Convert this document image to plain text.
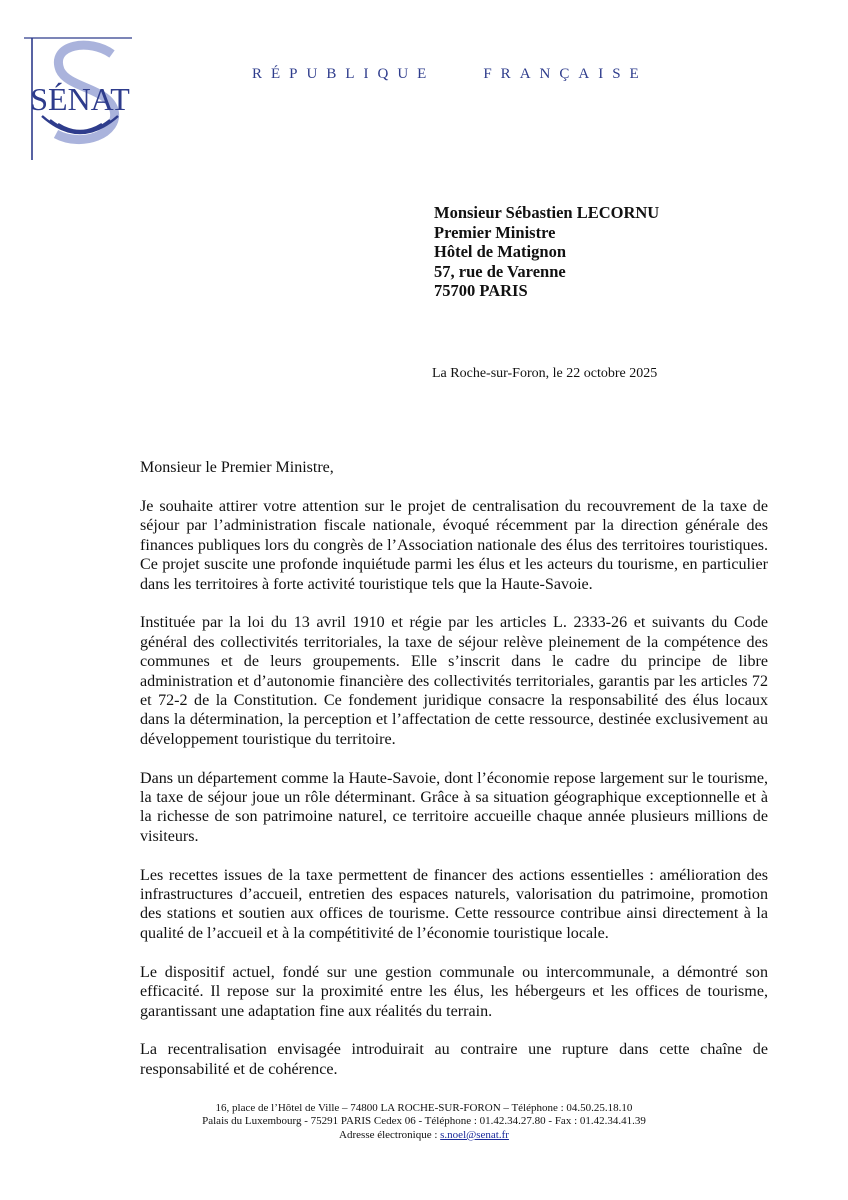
SÉNAT
RÉPUBLIQUE	FRANÇAISE
Monsieur Sébastien LECORNU
Premier Ministre
Hôtel de Matignon
57, rue de Varenne
75700 PARIS
La Roche-sur-Foron, le 22 octobre 2025
Monsieur le Premier Ministre,

Je souhaite attirer votre attention sur le projet de centralisation du recouvrement de la taxe de séjour par l’administration fiscale nationale, évoqué récemment par la direction générale des finances publiques lors du congrès de l’Association nationale des élus des territoires touristiques. Ce projet suscite une profonde inquiétude parmi les élus et les acteurs du tourisme, en particulier dans les territoires à forte activité touristique tels que la Haute-Savoie.

Instituée par la loi du 13 avril 1910 et régie par les articles L. 2333-26 et suivants du Code général des collectivités territoriales, la taxe de séjour relève pleinement de la compétence des communes et de leurs groupements. Elle s’inscrit dans le cadre du principe de libre administration et d’autonomie financière des collectivités territoriales, garantis par les articles 72 et 72-2 de la Constitution. Ce fondement juridique consacre la responsabilité des élus locaux dans la détermination, la perception et l’affectation de cette ressource, destinée exclusivement au développement touristique du territoire.

Dans un département comme la Haute-Savoie, dont l’économie repose largement sur le tourisme, la taxe de séjour joue un rôle déterminant. Grâce à sa situation géographique exceptionnelle et à la richesse de son patrimoine naturel, ce territoire accueille chaque année plusieurs millions de visiteurs.

Les recettes issues de la taxe permettent de financer des actions essentielles : amélioration des infrastructures d’accueil, entretien des espaces naturels, valorisation du patrimoine, promotion des stations et soutien aux offices de tourisme. Cette ressource contribue ainsi directement à la qualité de l’accueil et à la compétitivité de l’économie touristique locale.

Le dispositif actuel, fondé sur une gestion communale ou intercommunale, a démontré son efficacité. Il repose sur la proximité entre les élus, les hébergeurs et les offices de tourisme, garantissant une adaptation fine aux réalités du terrain.

La recentralisation envisagée introduirait au contraire une rupture dans cette chaîne de responsabilité et de cohérence.

16, place de l’Hôtel de Ville – 74800 LA ROCHE-SUR-FORON – Téléphone : 04.50.25.18.10
Palais du Luxembourg - 75291 PARIS Cedex 06 - Téléphone : 01.42.34.27.80 - Fax : 01.42.34.41.39
Adresse électronique : s.noel@senat.fr
